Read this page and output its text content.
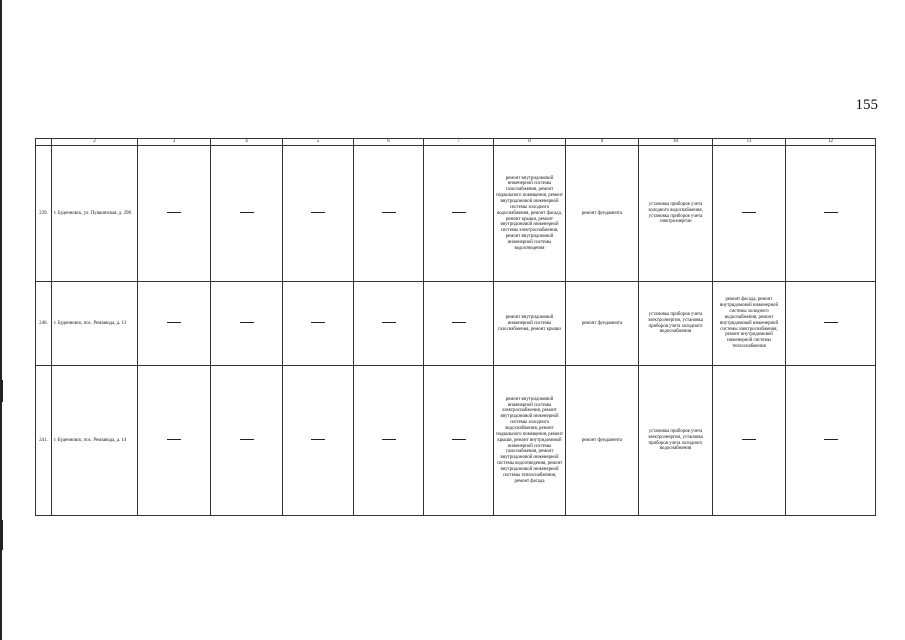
155
	2	3	4	5	6	7	8	9	10	11	12
239.	г. Буденновск, ул. Пушкинская, д. 298						ремонт внутридомовой инженерной системы газоснабжения, ремонт подвального помещения, ремонт внутридомовой инженерной системы холодного водоснабжения, ремонт фасада, ремонт крыши, ремонт внутридомовой инженерной системы электроснабжения, ремонт внутридомовой инженерной системы водоотведения	ремонт фундамента	установка приборов учета холодного водоснабжения, установка приборов учета электроэнергии		
240.	г. Буденновск, пос. Ремзавода, д. 13						ремонт внутридомовой инженерной системы газоснабжения, ремонт крыши	ремонт фундамента	установка приборов учета электроэнергии, установка приборов учета холодного водоснабжения	ремонт фасада, ремонт внутридомовой инженерной системы холодного водоснабжения, ремонт внутридомовой инженерной системы электроснабжения, ремонт внутридомовой инженерной системы теплоснабжения	
241.	г. Буденновск, пос. Ремзавода, д. 14						ремонт внутридомовой инженерной системы электроснабжения, ремонт внутридомовой инженерной системы холодного водоснабжения, ремонт подвального помещения, ремонт крыши, ремонт внутридомовой инженерной системы газоснабжения, ремонт внутридомовой инженерной системы водоотведения, ремонт внутридомовой инженерной системы теплоснабжения, ремонт фасада	ремонт фундамента	установка приборов учета электроэнергии, установка приборов учета холодного водоснабжения		
